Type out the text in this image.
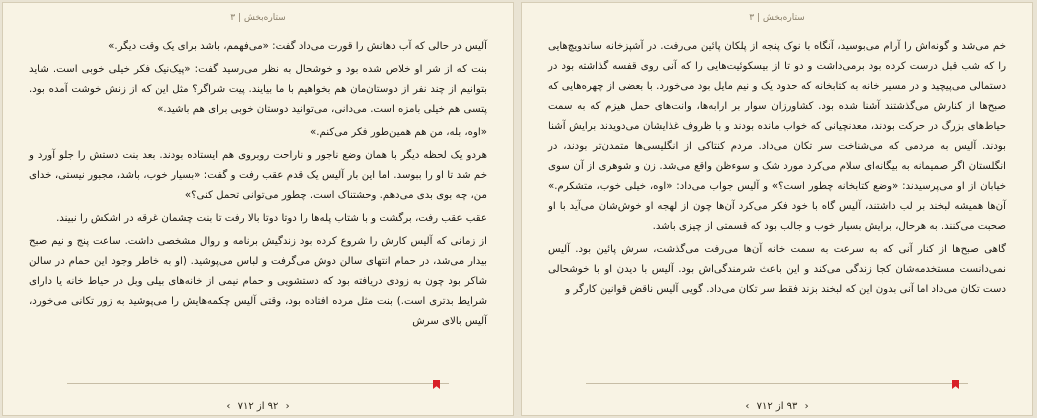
ستاره‌بخش | ۳

آلیس در حالی که آب دهانش را قورت می‌داد گفت: «می‌فهمم، باشد برای یک وقت دیگر.»

بنت که از شر او خلاص شده بود و خوشحال به نظر می‌رسید گفت: «پیک‌نیک فکر خیلی خوبی است. شاید بتوانیم از چند نفر از دوستان‌مان هم بخواهیم با ما بیایند. پیت شراگر؟ مثل این که از زنش خوشت آمده بود. پتسی هم خیلی بامزه است. می‌دانی، می‌توانید دوستان خوبی برای هم باشید.»

«اوه، بله، من هم همین‌طور فکر می‌کنم.»

هردو یک لحظه دیگر با همان وضع ناجور و ناراحت روبروی هم ایستاده بودند. بعد بنت دستش را جلو آورد و خم شد تا او را ببوسد. اما این بار آلیس یک قدم عقب رفت و گفت: «بسیار خوب، باشد، مجبور نیستی، خدای من، چه بوی بدی می‌دهم. وحشتناک است. چطور می‌توانی تحمل کنی؟»

عقب عقب رفت، برگشت و با شتاب پله‌ها را دوتا دوتا بالا رفت تا بنت چشمان غرقه در اشکش را نبیند.

از زمانی که آلیس کارش را شروع کرده بود زندگیش برنامه و روال مشخصی داشت. ساعت پنج و نیم صبح بیدار می‌شد، در حمام انتهای سالن دوش می‌گرفت و لباس می‌پوشید. (او به خاطر وجود این حمام در سالن شاکر بود چون به زودی دریافته بود که دستشویی و حمام نیمی از خانه‌های بیلی وبل در حیاط خانه یا دارای شرایط بدتری است.) بنت مثل مرده افتاده بود، وقتی آلیس چکمه‌هایش را می‌پوشید به زور تکانی می‌خورد، آلیس بالای سرش

‹ ۹۲ از ۷۱۲ ›
ستاره‌بخش | ۳

خم می‌شد و گونه‌اش را آرام می‌بوسید، آنگاه با نوک پنجه از پلکان پائین می‌رفت. در آشپزخانه ساندویچ‌هایی را که شب قبل درست کرده بود برمی‌داشت و دو تا از بیسکوئیت‌هایی را که آنی روی قفسه گذاشته بود در دستمالی می‌پیچید و در مسیر خانه به کتابخانه که حدود یک و نیم مایل بود می‌خورد. با بعضی از چهره‌هایی که صبح‌ها از کنارش می‌گذشتند آشنا شده بود. کشاورزان سوار بر ارابه‌ها، وانت‌های حمل هیزم که به سمت حیاط‌های بزرگ در حرکت بودند، معدنچیانی که خواب مانده بودند و با ظروف غذایشان می‌دویدند برایش آشنا بودند. آلیس به مردمی که می‌شناخت سر تکان می‌داد. مردم کنتاکی از انگلیسی‌ها متمدن‌تر بودند، در انگلستان اگر صمیمانه به بیگانه‌ای سلام می‌کرد مورد شک و سوءظن واقع می‌شد. زن و شوهری از آن سوی خیابان از او می‌پرسیدند: «وضع کتابخانه چطور است؟» و آلیس جواب می‌داد: «اوه، خیلی خوب، متشکرم.» آن‌ها همیشه لبخند بر لب داشتند، آلیس گاه با خود فکر می‌کرد آن‌ها چون از لهجه او خوش‌شان می‌آید با او صحبت می‌کنند. به هرحال، برایش بسیار خوب و جالب بود که قسمتی از چیزی باشد.

گاهی صبح‌ها از کنار آنی که به سرعت به سمت خانه آن‌ها می‌رفت می‌گذشت، سرش پائین بود. آلیس نمی‌دانست مستخدمه‌شان کجا زندگی می‌کند و این باعث شرمندگی‌اش بود. آلیس با دیدن او با خوشحالی دست تکان می‌داد اما آنی بدون این که لبخند بزند فقط سر تکان می‌داد. گویی آلیس ناقض قوانین کارگر و

‹ ۹۳ از ۷۱۲ ›
